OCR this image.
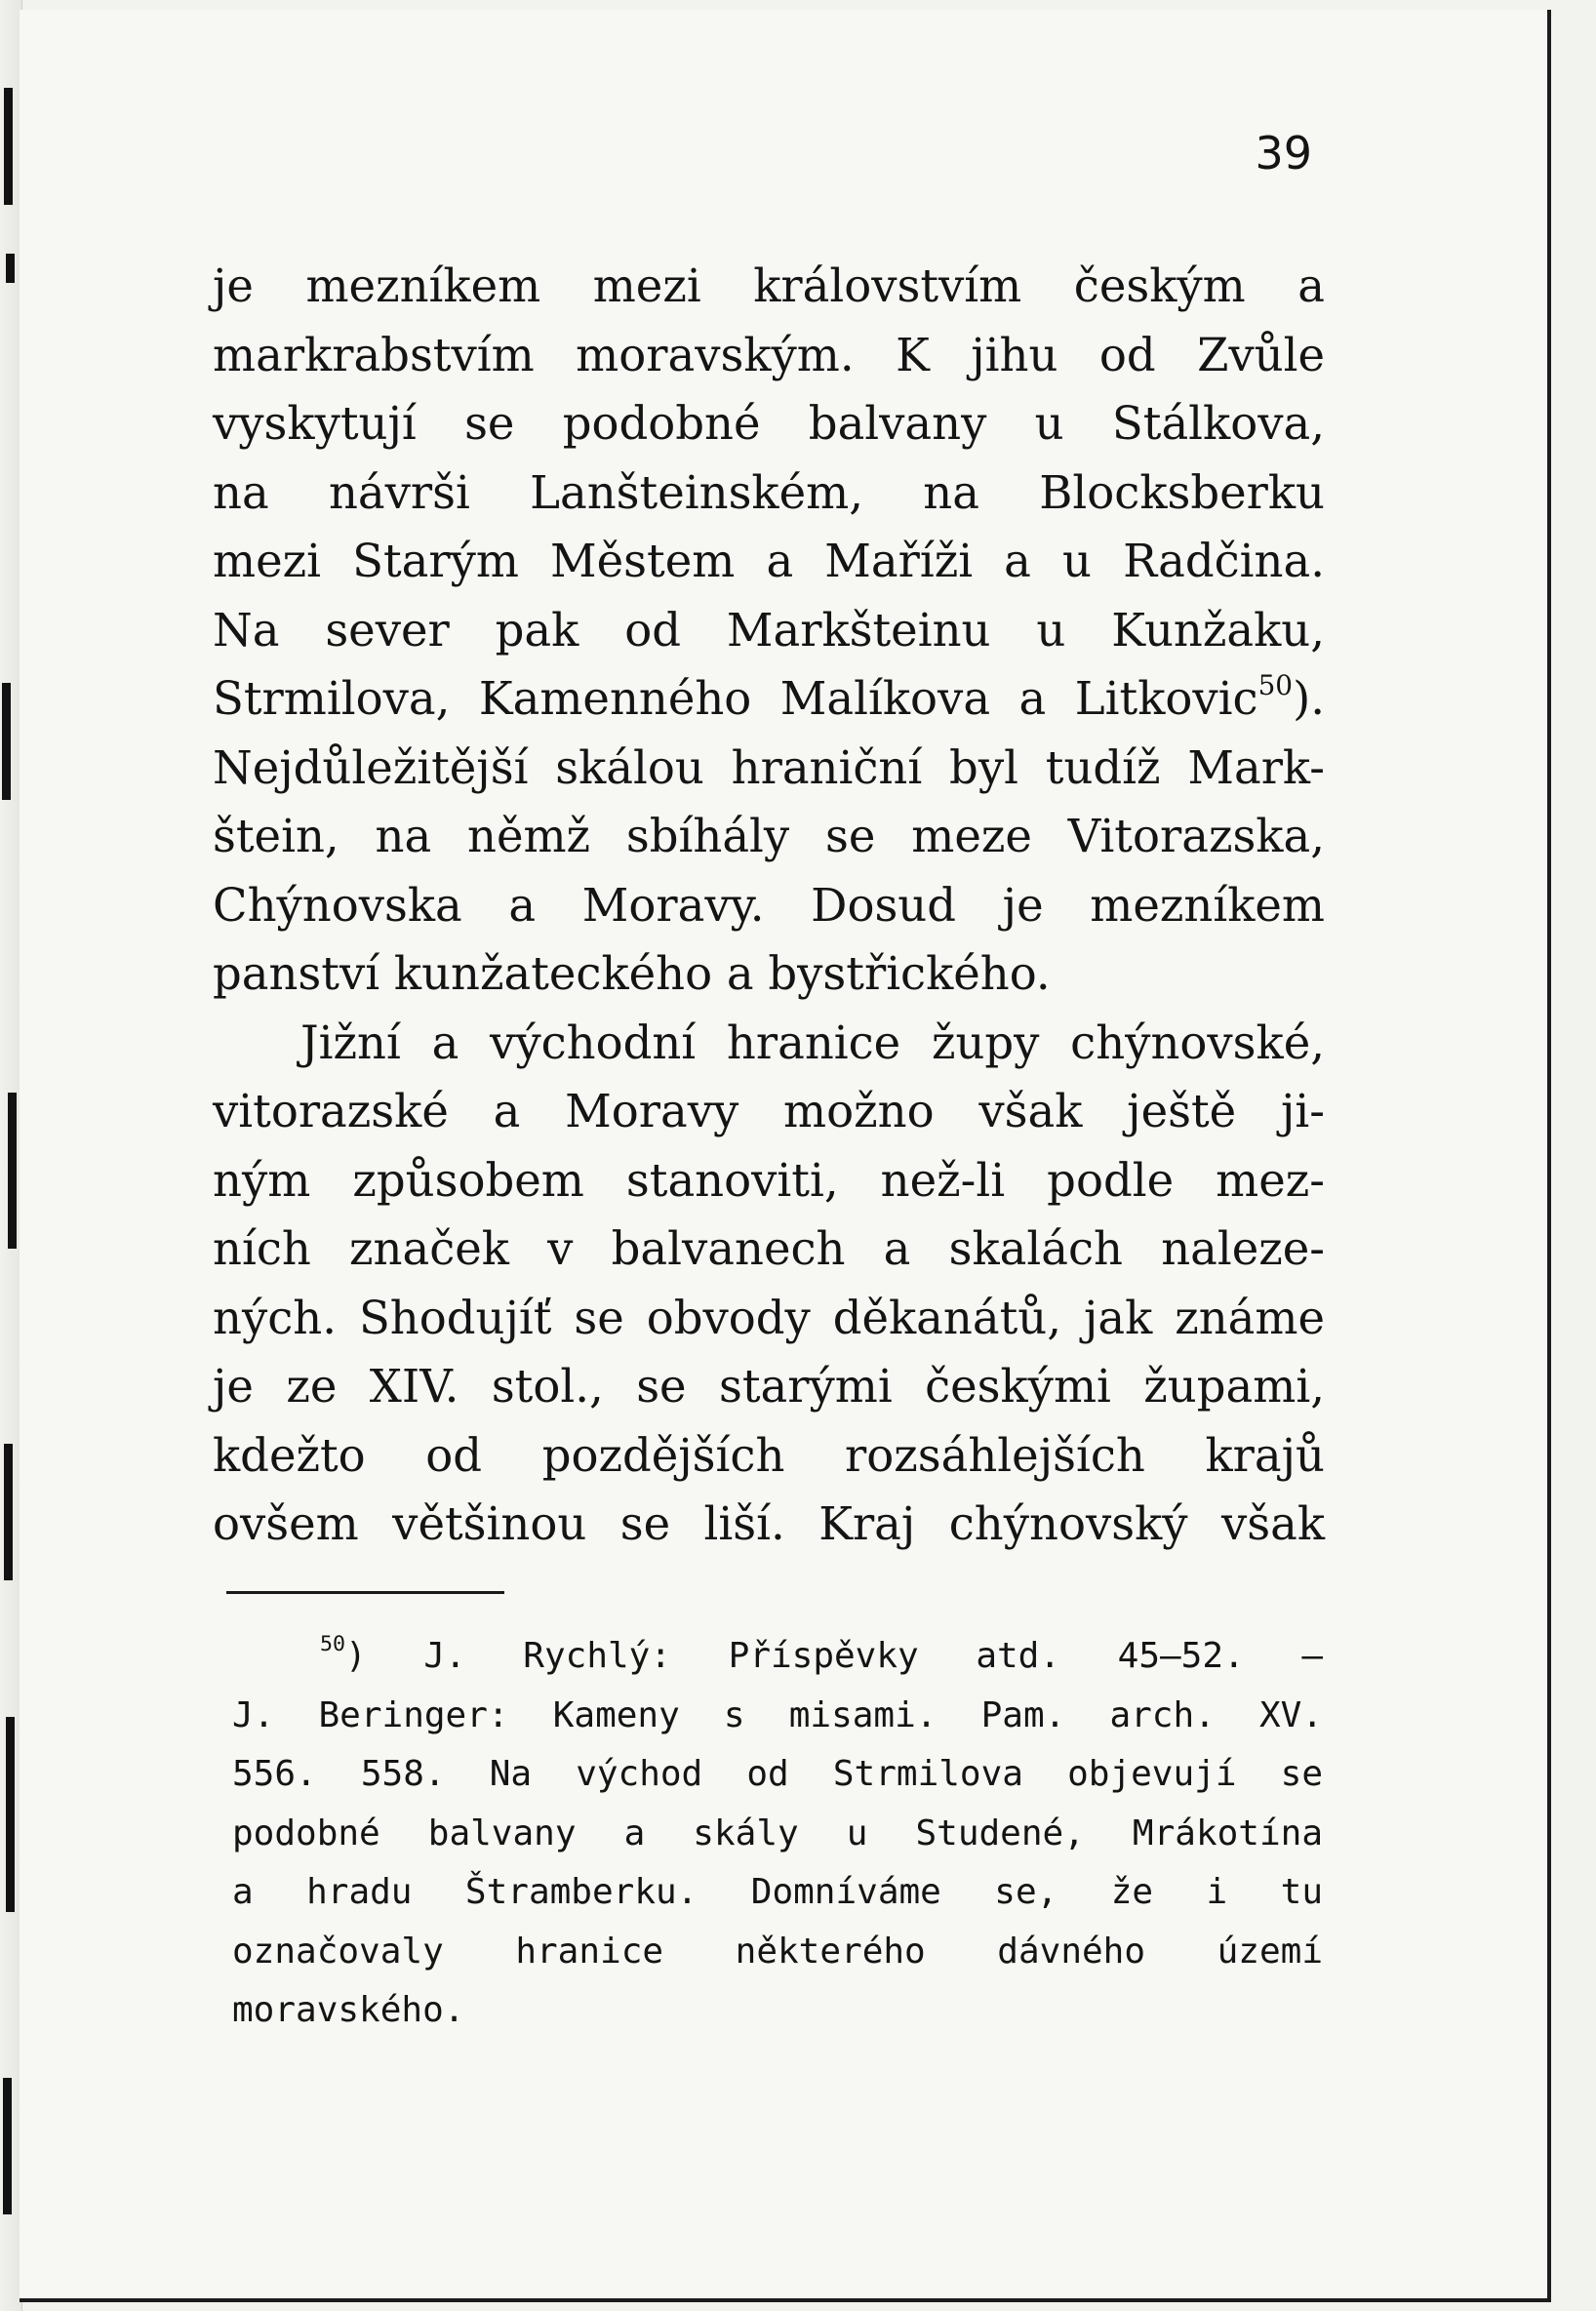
39
je mezníkem mezi královstvím českým a
markrabstvím moravským. K jihu od Zvůle
vyskytují se podobné balvany u Stálkova,
na návrši Lanšteinském, na Blocksberku
mezi Starým Městem a Maříži a u Radčina.
Na sever pak od Markšteinu u Kunžaku,
Strmilova, Kamenného Malíkova a Litkovic$^{50}$).
Nejdůležitější skálou hraniční byl tudíž Mark-
štein, na němž sbíhály se meze Vitorazska,
Chýnovska a Moravy. Dosud je mezníkem
panství kunžateckého a bystřického.
Jižní a východní hranice župy chýnovské,
vitorazské a Moravy možno však ještě ji-
ným způsobem stanoviti, než-li podle mez-
ních značek v balvanech a skalách naleze-
ných. Shodujíť se obvody děkanátů, jak známe
je ze XIV. stol., se starými českými župami,
kdežto od pozdějších rozsáhlejších krajů
ovšem většinou se liší. Kraj chýnovský však
$^{50}$) J. Rychlý: Příspěvky atd. 45—52. —
J. Beringer: Kameny s misami. Pam. arch. XV.
556. 558. Na východ od Strmilova objevují se
podobné balvany a skály u Studené, Mrákotína
a hradu Štramberku. Domníváme se, že i tu
označovaly hranice některého dávného území
moravského.
